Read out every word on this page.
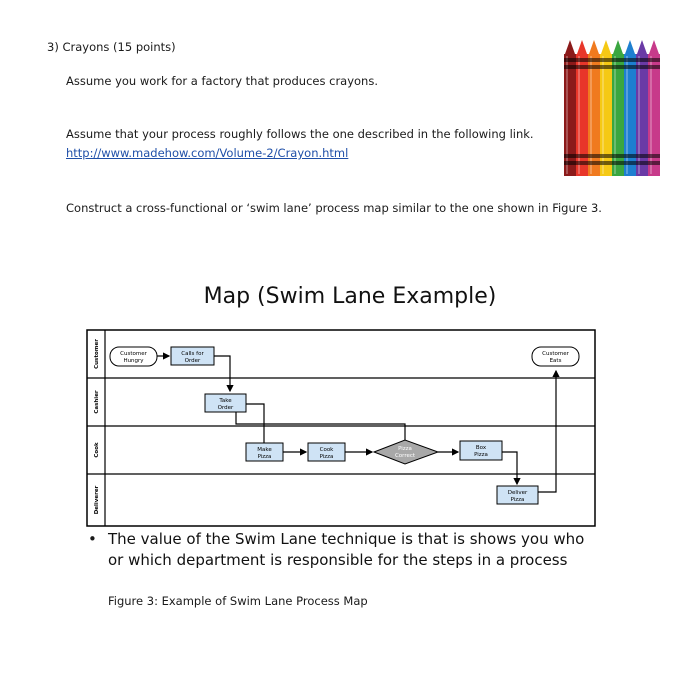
3) Crayons (15 points)
Assume you work for a factory that produces crayons.
Assume that your process roughly follows the one described in the following link.
http://www.madehow.com/Volume-2/Crayon.html
Construct a cross-functional or ‘swim lane’ process map similar to the one shown in Figure 3.
Map (Swim Lane Example)
Customer
Cashier
Cook
Deliverer
Customer
Hungry
Calls for
Order
Customer
Eats
Take
Order
Make
Pizza
Cook
Pizza
Pizza
Correct
Box
Pizza
Deliver
Pizza
• The value of the Swim Lane technique is that is shows you who
or which department is responsible for the steps in a process
Figure 3: Example of Swim Lane Process Map
